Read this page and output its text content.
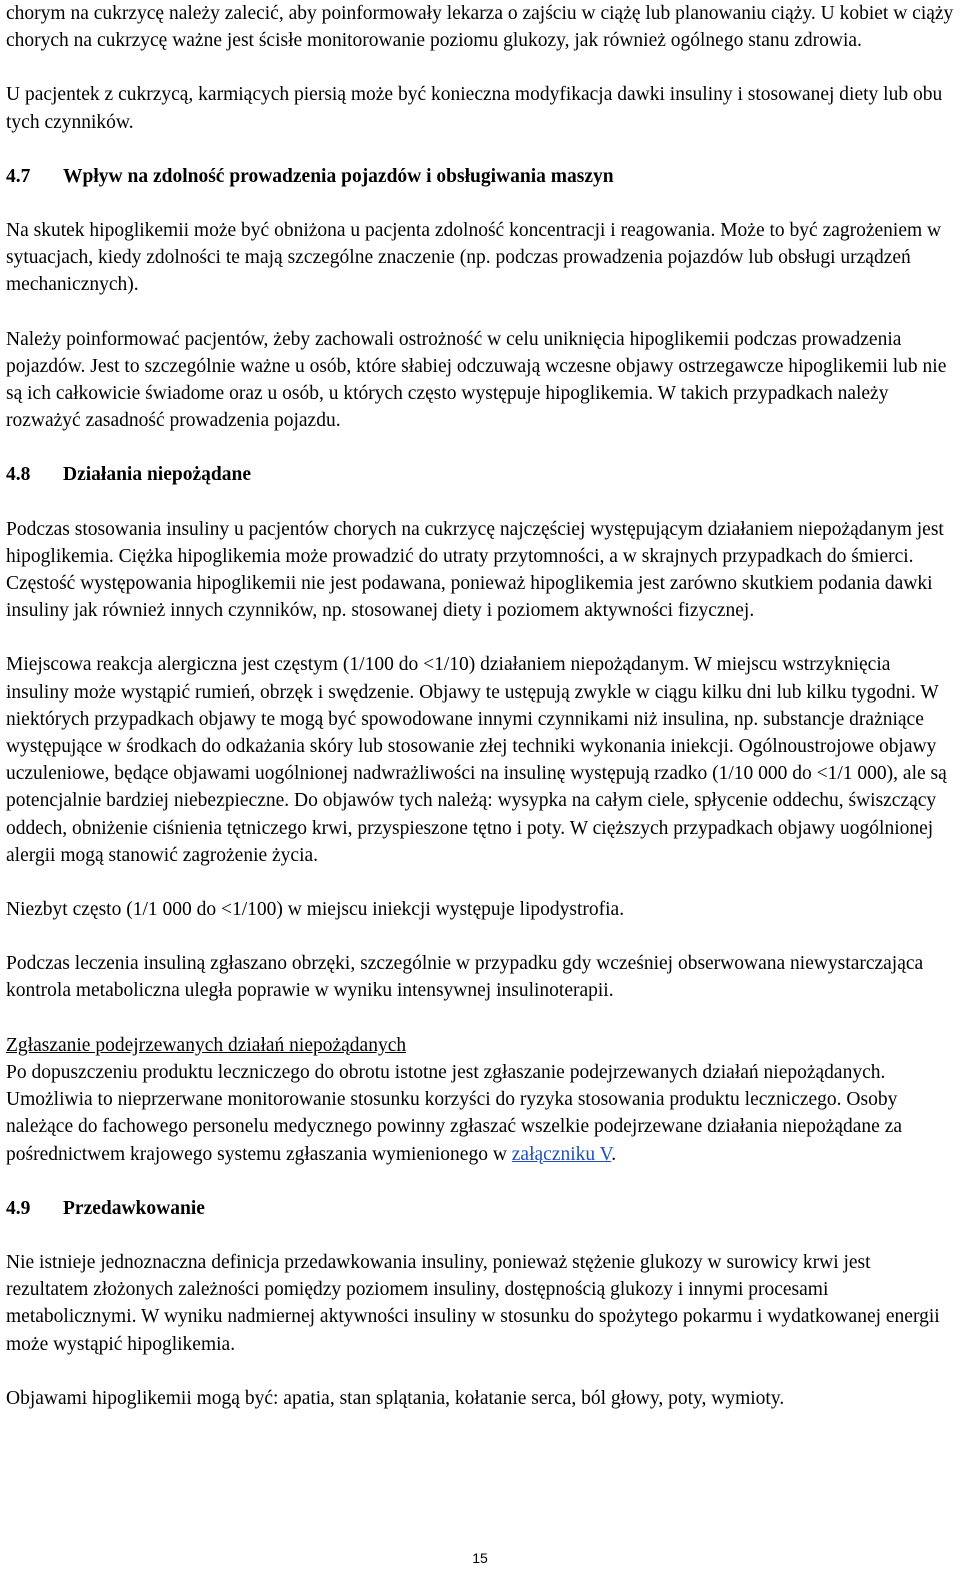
chorym na cukrzycę należy zalecić, aby poinformowały lekarza o zajściu w ciążę lub planowaniu ciąży. U kobiet w ciąży chorych na cukrzycę ważne jest ścisłe monitorowanie poziomu glukozy, jak również ogólnego stanu zdrowia.

U pacjentek z cukrzycą, karmiących piersią może być konieczna modyfikacja dawki insuliny i stosowanej diety lub obu tych czynników.

4.7	Wpływ na zdolność prowadzenia pojazdów i obsługiwania maszyn

Na skutek hipoglikemii może być obniżona u pacjenta zdolność koncentracji i reagowania. Może to być zagrożeniem w sytuacjach, kiedy zdolności te mają szczególne znaczenie (np. podczas prowadzenia pojazdów lub obsługi urządzeń mechanicznych).

Należy poinformować pacjentów, żeby zachowali ostrożność w celu uniknięcia hipoglikemii podczas prowadzenia pojazdów. Jest to szczególnie ważne u osób, które słabiej odczuwają wczesne objawy ostrzegawcze hipoglikemii lub nie są ich całkowicie świadome oraz u osób, u których często występuje hipoglikemia. W takich przypadkach należy rozważyć zasadność prowadzenia pojazdu.

4.8	Działania niepożądane

Podczas stosowania insuliny u pacjentów chorych na cukrzycę najczęściej występującym działaniem niepożądanym jest hipoglikemia. Ciężka hipoglikemia może prowadzić do utraty przytomności, a w skrajnych przypadkach do śmierci. Częstość występowania hipoglikemii nie jest podawana, ponieważ hipoglikemia jest zarówno skutkiem podania dawki insuliny jak również innych czynników, np. stosowanej diety i poziomem aktywności fizycznej.

Miejscowa reakcja alergiczna jest częstym (1/100 do <1/10) działaniem niepożądanym. W miejscu wstrzyknięcia insuliny może wystąpić rumień, obrzęk i swędzenie. Objawy te ustępują zwykle w ciągu kilku dni lub kilku tygodni. W niektórych przypadkach objawy te mogą być spowodowane innymi czynnikami niż insulina, np. substancje drażniące występujące w środkach do odkażania skóry lub stosowanie złej techniki wykonania iniekcji. Ogólnoustrojowe objawy uczuleniowe, będące objawami uogólnionej nadwrażliwości na insulinę występują rzadko (1/10 000 do <1/1 000), ale są potencjalnie bardziej niebezpieczne. Do objawów tych należą: wysypka na całym ciele, spłycenie oddechu, świszczący oddech, obniżenie ciśnienia tętniczego krwi, przyspieszone tętno i poty. W cięższych przypadkach objawy uogólnionej alergii mogą stanowić zagrożenie życia.

Niezbyt często (1/1 000 do <1/100) w miejscu iniekcji występuje lipodystrofia.

Podczas leczenia insuliną zgłaszano obrzęki, szczególnie w przypadku gdy wcześniej obserwowana niewystarczająca kontrola metaboliczna uległa poprawie w wyniku intensywnej insulinoterapii.

Zgłaszanie podejrzewanych działań niepożądanych

Po dopuszczeniu produktu leczniczego do obrotu istotne jest zgłaszanie podejrzewanych działań niepożądanych. Umożliwia to nieprzerwane monitorowanie stosunku korzyści do ryzyka stosowania produktu leczniczego. Osoby należące do fachowego personelu medycznego powinny zgłaszać wszelkie podejrzewane działania niepożądane za pośrednictwem krajowego systemu zgłaszania wymienionego w załączniku V.

4.9	Przedawkowanie

Nie istnieje jednoznaczna definicja przedawkowania insuliny, ponieważ stężenie glukozy w surowicy krwi jest rezultatem złożonych zależności pomiędzy poziomem insuliny, dostępnością glukozy i innymi procesami metabolicznymi. W wyniku nadmiernej aktywności insuliny w stosunku do spożytego pokarmu i wydatkowanej energii może wystąpić hipoglikemia.

Objawami hipoglikemii mogą być: apatia, stan splątania, kołatanie serca, ból głowy, poty, wymioty.

15
